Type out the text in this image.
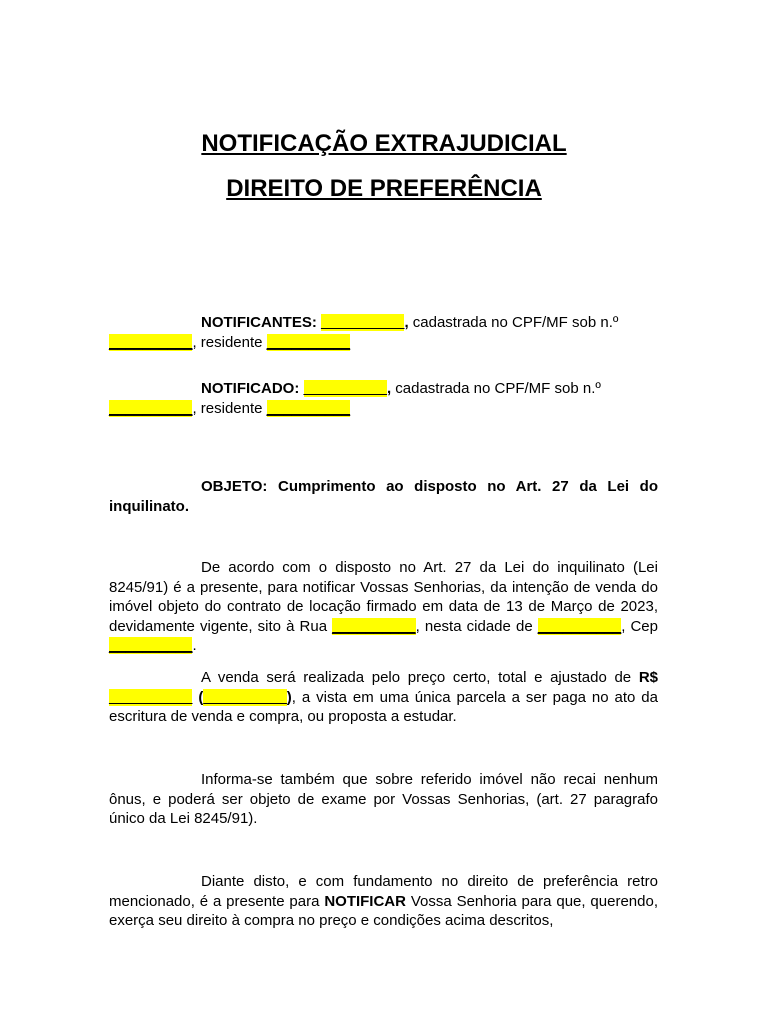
NOTIFICAÇÃO EXTRAJUDICIAL
DIREITO DE PREFERÊNCIA

NOTIFICANTES: __________, cadastrada no CPF/MF sob n.º
__________, residente __________

NOTIFICADO: __________, cadastrada no CPF/MF sob n.º
__________, residente __________

OBJETO: Cumprimento ao disposto no Art. 27 da Lei do inquilinato.

De acordo com o disposto no Art. 27 da Lei do inquilinato (Lei 8245/91) é a presente, para notificar Vossas Senhorias, da intenção de venda do imóvel objeto do contrato de locação firmado em data de 13 de Março de 2023, devidamente vigente, sito à Rua __________, nesta cidade de __________, Cep __________.

A venda será realizada pelo preço certo, total e ajustado de R$ __________ (__________), a vista em uma única parcela a ser paga no ato da escritura de venda e compra, ou proposta a estudar.

Informa-se também que sobre referido imóvel não recai nenhum ônus, e poderá ser objeto de exame por Vossas Senhorias, (art. 27 paragrafo único da Lei 8245/91).

Diante disto, e com fundamento no direito de preferência retro mencionado, é a presente para NOTIFICAR Vossa Senhoria para que, querendo, exerça seu direito à compra no preço e condições acima descritos,
